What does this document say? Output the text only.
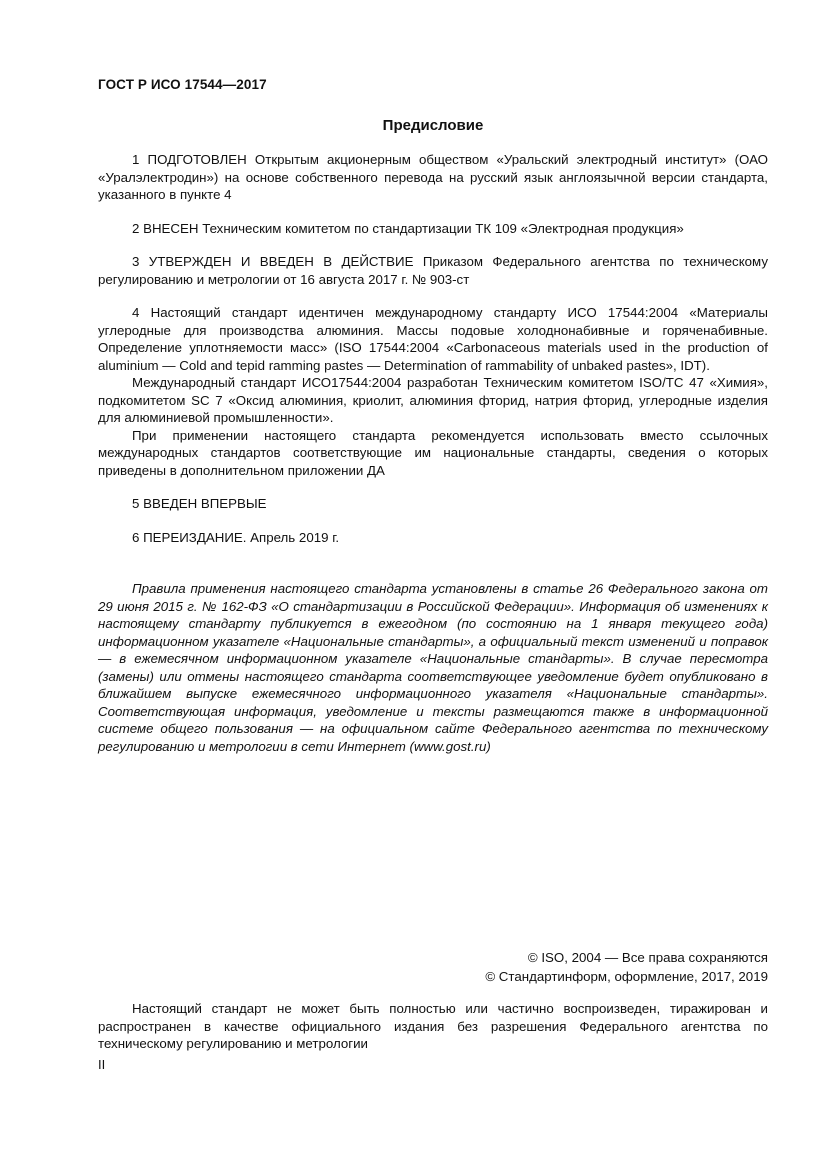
ГОСТ Р ИСО 17544—2017
Предисловие

1 ПОДГОТОВЛЕН Открытым акционерным обществом «Уральский электродный институт» (ОАО «Уралэлектродин») на основе собственного перевода на русский язык англоязычной версии стандарта, указанного в пункте 4

2 ВНЕСЕН Техническим комитетом по стандартизации ТК 109 «Электродная продукция»

3 УТВЕРЖДЕН И ВВЕДЕН В ДЕЙСТВИЕ Приказом Федерального агентства по техническому регулированию и метрологии от 16 августа 2017 г. № 903-ст

4 Настоящий стандарт идентичен международному стандарту ИСО 17544:2004 «Материалы углеродные для производства алюминия. Массы подовые холоднонабивные и горяченабивные. Определение уплотняемости масс» (ISO 17544:2004 «Carbonaceous materials used in the production of aluminium — Cold and tepid ramming pastes — Determination of rammability of unbaked pastes», IDT).

Международный стандарт ИСО17544:2004 разработан Техническим комитетом ISO/TC 47 «Химия», подкомитетом SC 7 «Оксид алюминия, криолит, алюминия фторид, натрия фторид, углеродные изделия для алюминиевой промышленности».

При применении настоящего стандарта рекомендуется использовать вместо ссылочных международных стандартов соответствующие им национальные стандарты, сведения о которых приведены в дополнительном приложении ДА

5 ВВЕДЕН ВПЕРВЫЕ

6 ПЕРЕИЗДАНИЕ. Апрель 2019 г.

Правила применения настоящего стандарта установлены в статье 26 Федерального закона от 29 июня 2015 г. № 162-ФЗ «О стандартизации в Российской Федерации». Информация об изменениях к настоящему стандарту публикуется в ежегодном (по состоянию на 1 января текущего года) информационном указателе «Национальные стандарты», а официальный текст изменений и поправок — в ежемесячном информационном указателе «Национальные стандарты». В случае пересмотра (замены) или отмены настоящего стандарта соответствующее уведомление будет опубликовано в ближайшем выпуске ежемесячного информационного указателя «Национальные стандарты». Соответствующая информация, уведомление и тексты размещаются также в информационной системе общего пользования — на официальном сайте Федерального агентства по техническому регулированию и метрологии в сети Интернет (www.gost.ru)

© ISO, 2004 — Все права сохраняются
© Стандартинформ, оформление, 2017, 2019

Настоящий стандарт не может быть полностью или частично воспроизведен, тиражирован и распространен в качестве официального издания без разрешения Федерального агентства по техническому регулированию и метрологии

II
